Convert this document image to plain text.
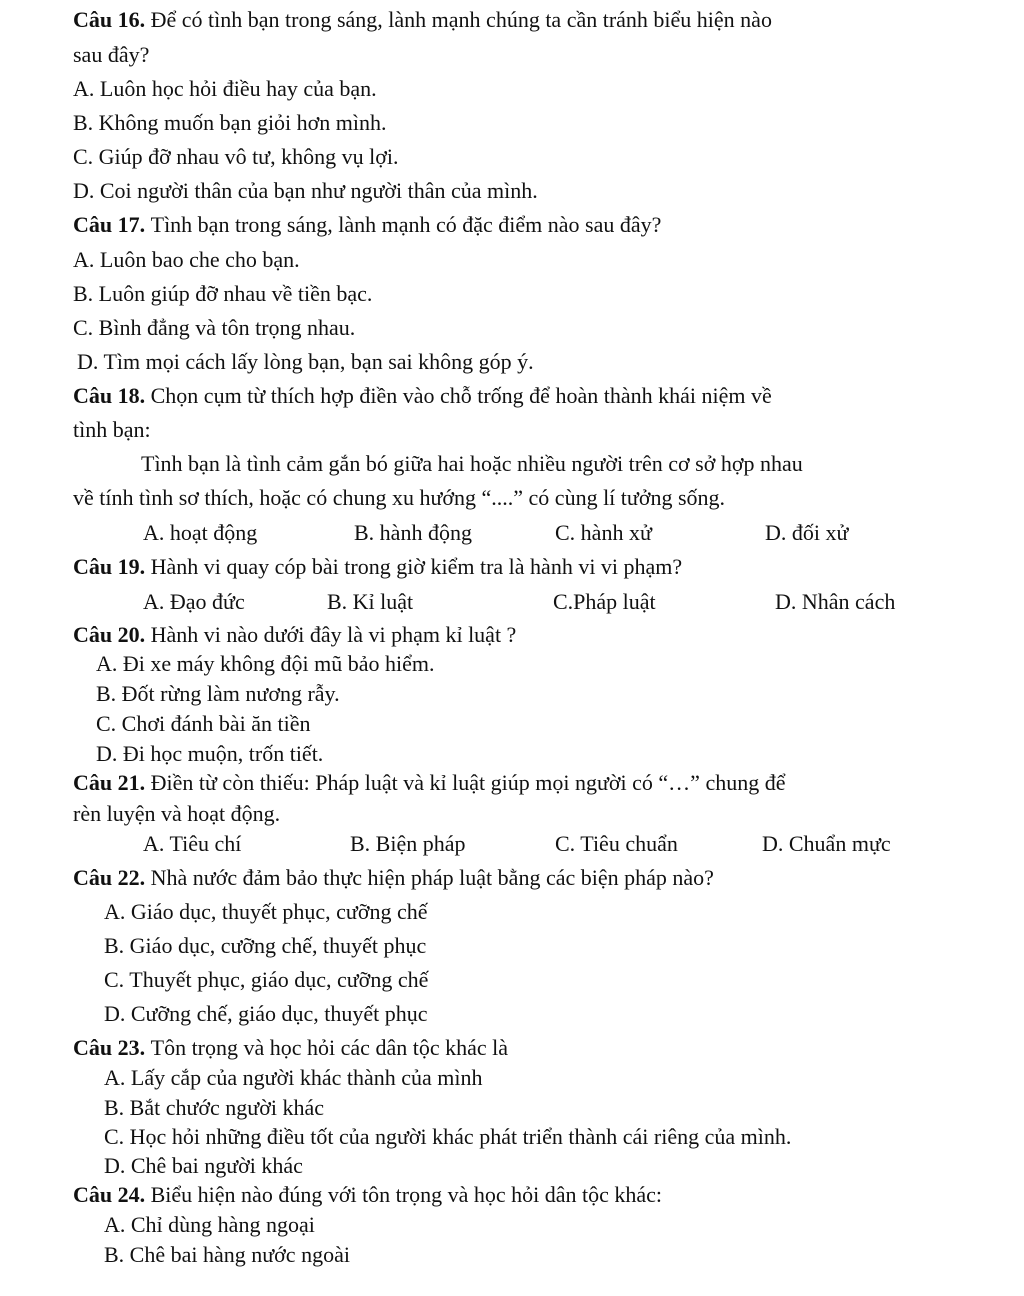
Câu 16. Để có tình bạn trong sáng, lành mạnh chúng ta cần tránh biểu hiện nào
sau đây?
A. Luôn học hỏi điều hay của bạn.
B. Không muốn bạn giỏi hơn mình.
C. Giúp đỡ nhau vô tư, không vụ lợi.
D. Coi người thân của bạn như người thân của mình.
Câu 17. Tình bạn trong sáng, lành mạnh có đặc điểm nào sau đây?
A. Luôn bao che cho bạn.
B. Luôn giúp đỡ nhau về tiền bạc.
C. Bình đẳng và tôn trọng nhau.
D. Tìm mọi cách lấy lòng bạn, bạn sai không góp ý.
Câu 18. Chọn cụm từ thích hợp điền vào chỗ trống để hoàn thành khái niệm về
tình bạn:
Tình bạn là tình cảm gắn bó giữa hai hoặc nhiều người trên cơ sở hợp nhau
về tính tình sơ thích, hoặc có chung xu hướng “....” có cùng lí tưởng sống.
A. hoạt động	B. hành động	C. hành xử	D. đối xử
Câu 19. Hành vi quay cóp bài trong giờ kiểm tra là hành vi vi phạm?
A. Đạo đức	B. Kỉ luật	C.Pháp luật	D. Nhân cách
Câu 20. Hành vi nào dưới đây là vi phạm kỉ luật ?
A. Đi xe máy không đội mũ bảo hiểm.
B. Đốt rừng làm nương rẫy.
C. Chơi đánh bài ăn tiền
D. Đi học muộn, trốn tiết.
Câu 21. Điền từ còn thiếu: Pháp luật và kỉ luật giúp mọi người có “…” chung để
rèn luyện và hoạt động.
A. Tiêu chí	B. Biện pháp	C. Tiêu chuẩn	D. Chuẩn mực
Câu 22. Nhà nước đảm bảo thực hiện pháp luật bằng các biện pháp nào?
A. Giáo dục, thuyết phục, cưỡng chế
B. Giáo dục, cưỡng chế, thuyết phục
C. Thuyết phục, giáo dục, cưỡng chế
D. Cưỡng chế, giáo dục, thuyết phục
Câu 23. Tôn trọng và học hỏi các dân tộc khác là
A. Lấy cắp của người khác thành của mình
B. Bắt chước người khác
C. Học hỏi những điều tốt của người khác phát triển thành cái riêng của mình.
D. Chê bai người khác
Câu 24. Biểu hiện nào đúng với tôn trọng và học hỏi dân tộc khác:
A. Chỉ dùng hàng ngoại
B. Chê bai hàng nước ngoài
